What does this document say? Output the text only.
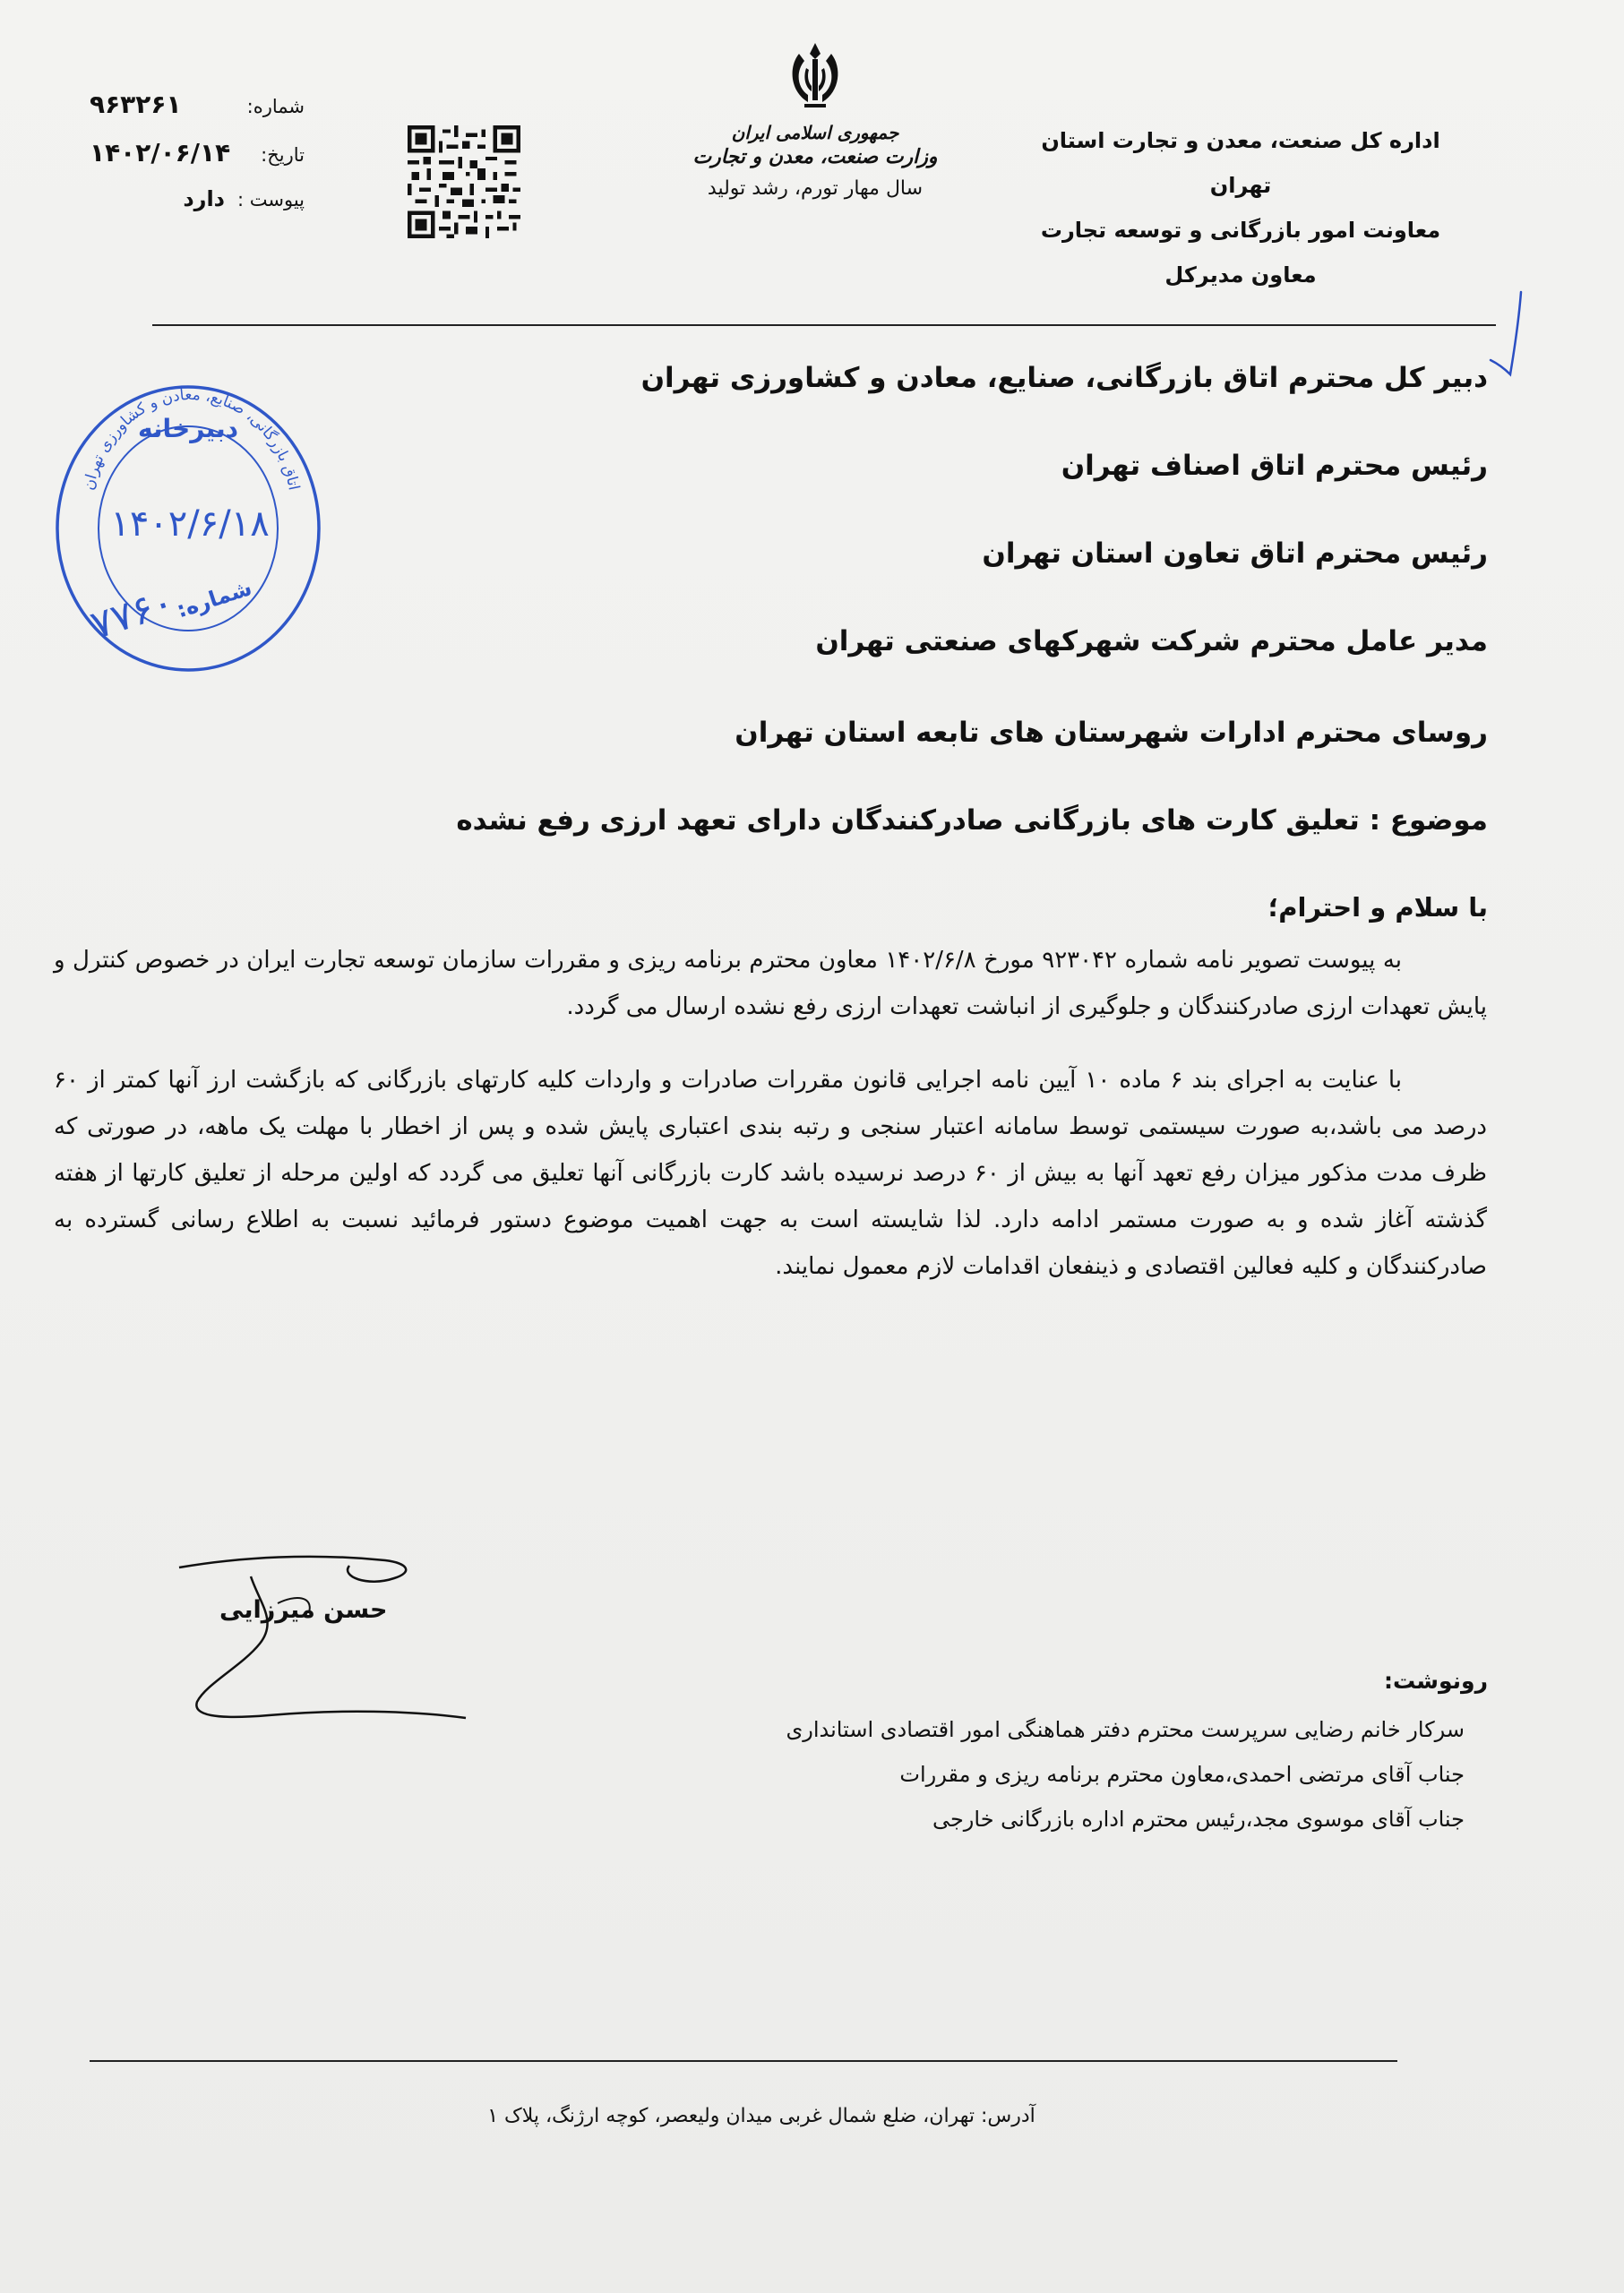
اداره کل صنعت، معدن و تجارت استان تهران
معاونت امور بازرگانی و توسعه تجارت
معاون مدیرکل
جمهوری اسلامی ایران
وزارت صنعت، معدن و تجارت
سال مهار تورم، رشد تولید
شماره:
۹۶۳۲۶۱
تاریخ:
۱۴۰۲/۰۶/۱۴
پیوست :
دارد
اتاق بازرگانی، صنایع، معادن و کشاورزی تهران
دبیرخانه
۱۴۰۲/۶/۱۸
شماره:
۷۷۶۰
دبیر کل محترم اتاق بازرگانی، صنایع، معادن و کشاورزی تهران
رئیس محترم اتاق اصناف تهران
رئیس محترم اتاق تعاون استان تهران
مدیر عامل محترم شرکت شهرکهای صنعتی تهران
روسای محترم ادارات شهرستان های تابعه استان تهران
موضوع : تعلیق کارت های بازرگانی صادرکنندگان دارای تعهد ارزی رفع نشده
با سلام و احترام؛

به پیوست تصویر نامه شماره ۹۲۳۰۴۲ مورخ ۱۴۰۲/۶/۸ معاون محترم برنامه ریزی و مقررات سازمان توسعه تجارت ایران در خصوص کنترل و پایش تعهدات ارزی صادرکنندگان و جلوگیری از انباشت تعهدات ارزی رفع نشده ارسال می گردد.

با عنایت به اجرای بند ۶ ماده ۱۰ آیین نامه اجرایی قانون مقررات صادرات و واردات کلیه کارتهای بازرگانی که بازگشت ارز آنها کمتر از ۶۰ درصد می باشد،به صورت سیستمی توسط سامانه اعتبار سنجی و رتبه بندی اعتباری پایش شده و پس از اخطار با مهلت یک ماهه، در صورتی که ظرف مدت مذکور میزان رفع تعهد آنها به بیش از ۶۰ درصد نرسیده باشد کارت بازرگانی آنها تعلیق می گردد که اولین مرحله از تعلیق کارتها از هفته گذشته آغاز شده و به صورت مستمر ادامه دارد. لذا شایسته است به جهت اهمیت موضوع دستور فرمائید نسبت به اطلاع رسانی گسترده به صادرکنندگان و کلیه فعالین اقتصادی و ذینفعان اقدامات لازم معمول نمایند.

حسن میرزایی
رونوشت:
سرکار خانم رضایی سرپرست محترم دفتر هماهنگی امور اقتصادی استانداری
جناب آقای مرتضی احمدی،معاون محترم برنامه ریزی و مقررات
جناب آقای موسوی مجد،رئیس محترم اداره بازرگانی خارجی
آدرس: تهران، ضلع شمال غربی میدان ولیعصر، کوچه ارژنگ، پلاک ۱
